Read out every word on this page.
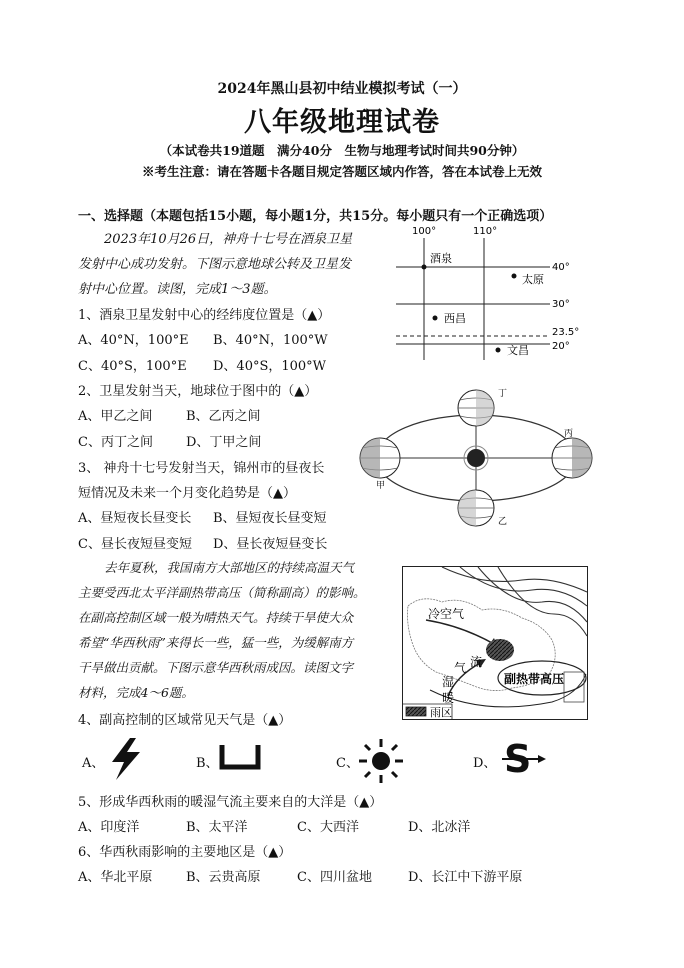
2024年黑山县初中结业模拟考试（一）
八年级地理试卷
（本试卷共19道题　满分40分　生物与地理考试时间共90分钟）
※考生注意：请在答题卡各题目规定答题区域内作答，答在本试卷上无效
一、选择题（本题包括15小题，每小题1分，共15分。每小题只有一个正确选项）
2023年10月26日，神舟十七号在酒泉卫星
发射中心成功发射。下图示意地球公转及卫星发
射中心位置。读图，完成1～3题。
1、酒泉卫星发射中心的经纬度位置是（▲）
A、40°N，100°E B、40°N，100°W
C、40°S，100°E D、40°S，100°W
2、卫星发射当天，地球位于图中的（▲）
A、甲乙之间	B、乙丙之间
C、丙丁之间	D、丁甲之间
3、 神舟十七号发射当天，锦州市的昼夜长
短情况及未来一个月变化趋势是（▲）
A、昼短夜长昼变长 B、昼短夜长昼变短
C、昼长夜短昼变短 D、昼长夜短昼变长
去年夏秋，我国南方大部地区的持续高温天气
主要受西北太平洋副热带高压（简称副高）的影响。
在副高控制区域一般为晴热天气。持续干旱使大众
希望“华西秋雨”来得长一些，猛一些，为缓解南方
干旱做出贡献。下图示意华西秋雨成因。读图文字
材料，完成4～6题。
4、副高控制的区域常见天气是（▲）
A、	B、	C、	D、 S
5、形成华西秋雨的暖湿气流主要来自的大洋是（▲）
A、印度洋	B、太平洋	C、大西洋	D、北冰洋
6、华西秋雨影响的主要地区是（▲）
A、华北平原	B、云贵高原	C、四川盆地	D、长江中下游平原
100°	110°
40°
30°
23.5°
20°
酒泉
太原
西昌
文昌
丁
乙
甲
丙
冷空气
副热带高压
流
气
湿
暖
雨区
